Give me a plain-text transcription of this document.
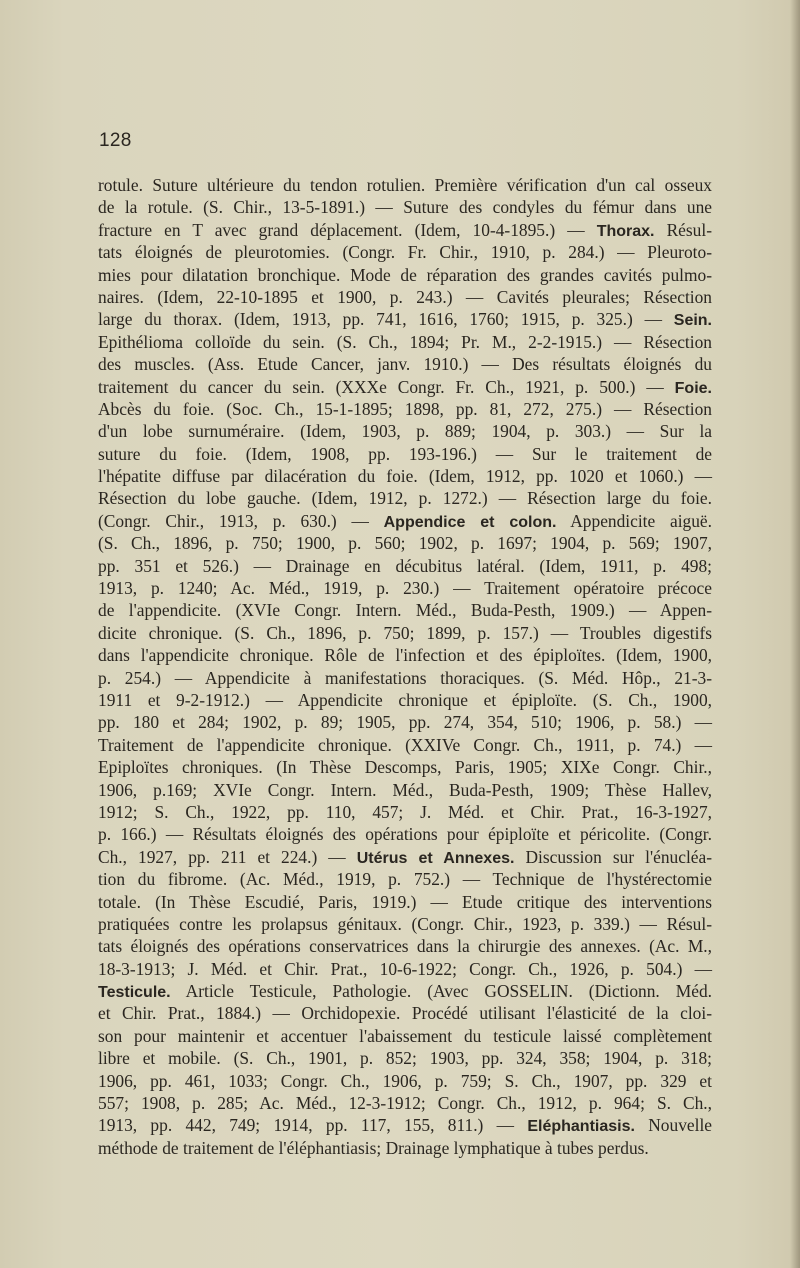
128
rotule. Suture ultérieure du tendon rotulien. Première vérification d'un cal osseux
de la rotule. (S. Chir., 13-5-1891.) — Suture des condyles du fémur dans une
fracture en T avec grand déplacement. (Idem, 10-4-1895.) — Thorax. Résul-
tats éloignés de pleurotomies. (Congr. Fr. Chir., 1910, p. 284.) — Pleuroto-
mies pour dilatation bronchique. Mode de réparation des grandes cavités pulmo-
naires. (Idem, 22-10-1895 et 1900, p. 243.) — Cavités pleurales; Résection
large du thorax. (Idem, 1913, pp. 741, 1616, 1760; 1915, p. 325.) — Sein.
Epithélioma colloïde du sein. (S. Ch., 1894; Pr. M., 2-2-1915.) — Résection
des muscles. (Ass. Etude Cancer, janv. 1910.) — Des résultats éloignés du
traitement du cancer du sein. (XXXe Congr. Fr. Ch., 1921, p. 500.) — Foie.
Abcès du foie. (Soc. Ch., 15-1-1895; 1898, pp. 81, 272, 275.) — Résection
d'un lobe surnuméraire. (Idem, 1903, p. 889; 1904, p. 303.) — Sur la
suture du foie. (Idem, 1908, pp. 193-196.) — Sur le traitement de
l'hépatite diffuse par dilacération du foie. (Idem, 1912, pp. 1020 et 1060.) —
Résection du lobe gauche. (Idem, 1912, p. 1272.) — Résection large du foie.
(Congr. Chir., 1913, p. 630.) — Appendice et colon. Appendicite aiguë.
(S. Ch., 1896, p. 750; 1900, p. 560; 1902, p. 1697; 1904, p. 569; 1907,
pp. 351 et 526.) — Drainage en décubitus latéral. (Idem, 1911, p. 498;
1913, p. 1240; Ac. Méd., 1919, p. 230.) — Traitement opératoire précoce
de l'appendicite. (XVIe Congr. Intern. Méd., Buda-Pesth, 1909.) — Appen-
dicite chronique. (S. Ch., 1896, p. 750; 1899, p. 157.) — Troubles digestifs
dans l'appendicite chronique. Rôle de l'infection et des épiploïtes. (Idem, 1900,
p. 254.) — Appendicite à manifestations thoraciques. (S. Méd. Hôp., 21-3-
1911 et 9-2-1912.) — Appendicite chronique et épiploïte. (S. Ch., 1900,
pp. 180 et 284; 1902, p. 89; 1905, pp. 274, 354, 510; 1906, p. 58.) —
Traitement de l'appendicite chronique. (XXIVe Congr. Ch., 1911, p. 74.) —
Epiploïtes chroniques. (In Thèse Descomps, Paris, 1905; XIXe Congr. Chir.,
1906, p.169; XVIe Congr. Intern. Méd., Buda-Pesth, 1909; Thèse Hallev,
1912; S. Ch., 1922, pp. 110, 457; J. Méd. et Chir. Prat., 16-3-1927,
p. 166.) — Résultats éloignés des opérations pour épiploïte et péricolite. (Congr.
Ch., 1927, pp. 211 et 224.) — Utérus et Annexes. Discussion sur l'énucléa-
tion du fibrome. (Ac. Méd., 1919, p. 752.) — Technique de l'hystérectomie
totale. (In Thèse Escudié, Paris, 1919.) — Etude critique des interventions
pratiquées contre les prolapsus génitaux. (Congr. Chir., 1923, p. 339.) — Résul-
tats éloignés des opérations conservatrices dans la chirurgie des annexes. (Ac. M.,
18-3-1913; J. Méd. et Chir. Prat., 10-6-1922; Congr. Ch., 1926, p. 504.) —
Testicule. Article Testicule, Pathologie. (Avec GOSSELIN. (Dictionn. Méd.
et Chir. Prat., 1884.) — Orchidopexie. Procédé utilisant l'élasticité de la cloi-
son pour maintenir et accentuer l'abaissement du testicule laissé complètement
libre et mobile. (S. Ch., 1901, p. 852; 1903, pp. 324, 358; 1904, p. 318;
1906, pp. 461, 1033; Congr. Ch., 1906, p. 759; S. Ch., 1907, pp. 329 et
557; 1908, p. 285; Ac. Méd., 12-3-1912; Congr. Ch., 1912, p. 964; S. Ch.,
1913, pp. 442, 749; 1914, pp. 117, 155, 811.) — Eléphantiasis. Nouvelle
méthode de traitement de l'éléphantiasis; Drainage lymphatique à tubes perdus.
